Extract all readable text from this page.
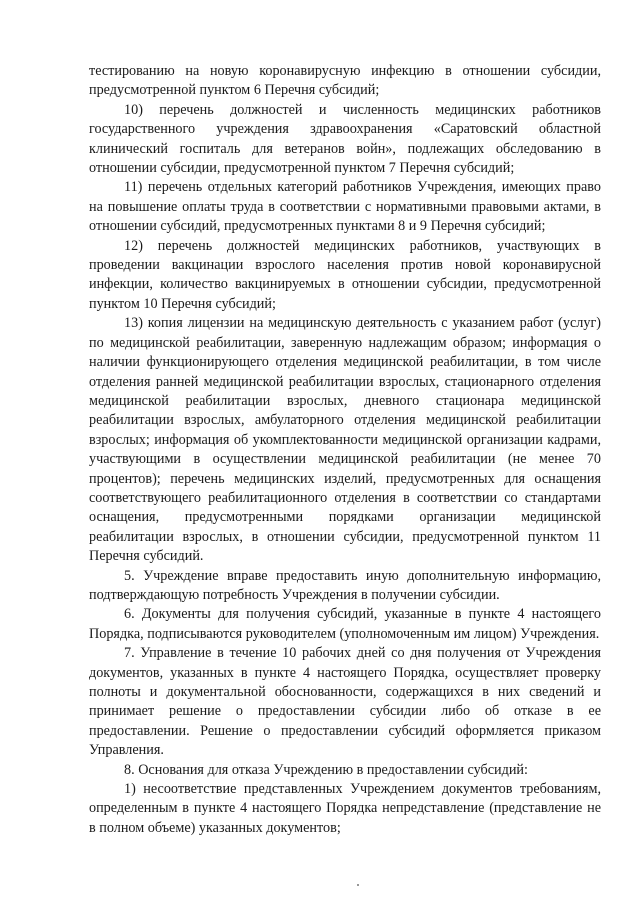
тестированию на новую коронавирусную инфекцию в отношении субсидии, предусмотренной пунктом 6 Перечня субсидий;

10) перечень должностей и численность медицинских работников государственного учреждения здравоохранения «Саратовский областной клинический госпиталь для ветеранов войн», подлежащих обследованию в отношении субсидии, предусмотренной пунктом 7 Перечня субсидий;

11) перечень отдельных категорий работников Учреждения, имеющих право на повышение оплаты труда в соответствии с нормативными правовыми актами, в отношении субсидий, предусмотренных пунктами 8 и 9 Перечня субсидий;

12) перечень должностей медицинских работников, участвующих в проведении вакцинации взрослого населения против новой коронавирусной инфекции, количество вакцинируемых в отношении субсидии, предусмотренной пунктом 10 Перечня субсидий;

13) копия лицензии на медицинскую деятельность с указанием работ (услуг) по медицинской реабилитации, заверенную надлежащим образом; информация о наличии функционирующего отделения медицинской реабилитации, в том числе отделения ранней медицинской реабилитации взрослых, стационарного отделения медицинской реабилитации взрослых, дневного стационара медицинской реабилитации взрослых, амбулаторного отделения медицинской реабилитации взрослых; информация об укомплектованности медицинской организации кадрами, участвующими в осуществлении медицинской реабилитации (не менее 70 процентов); перечень медицинских изделий, предусмотренных для оснащения соответствующего реабилитационного отделения в соответствии со стандартами оснащения, предусмотренными порядками организации медицинской реабилитации взрослых, в отношении субсидии, предусмотренной пунктом 11 Перечня субсидий.

5. Учреждение вправе предоставить иную дополнительную информацию, подтверждающую потребность Учреждения в получении субсидии.

6. Документы для получения субсидий, указанные в пункте 4 настоящего Порядка, подписываются руководителем (уполномоченным им лицом) Учреждения.

7. Управление в течение 10 рабочих дней со дня получения от Учреждения документов, указанных в пункте 4 настоящего Порядка, осуществляет проверку полноты и документальной обоснованности, содержащихся в них сведений и принимает решение о предоставлении субсидии либо об отказе в ее предоставлении. Решение о предоставлении субсидий оформляется приказом Управления.

8. Основания для отказа Учреждению в предоставлении субсидий:

1) несоответствие представленных Учреждением документов требованиям, определенным в пункте 4 настоящего Порядка непредставление (представление не в полном объеме) указанных документов;
